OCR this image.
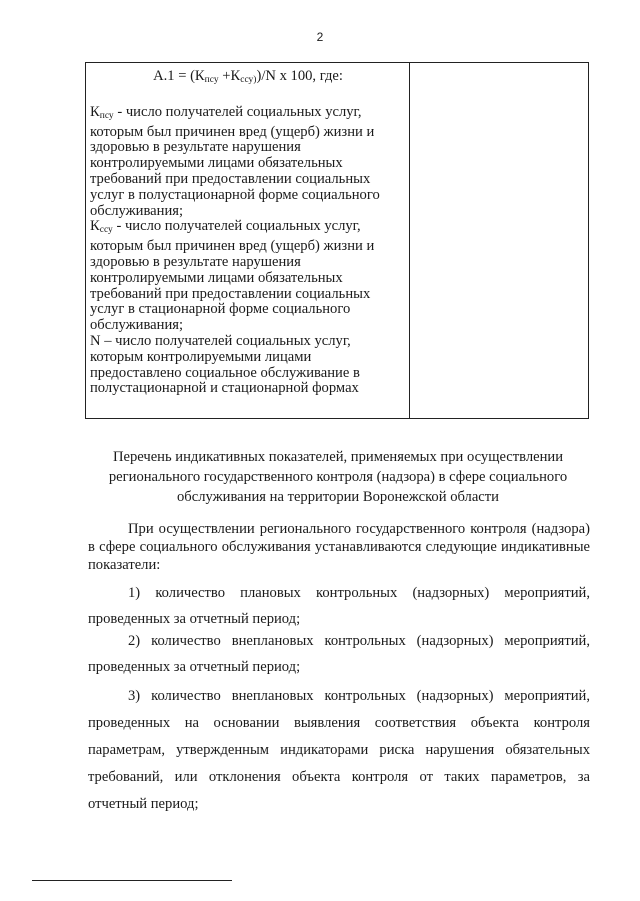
2
$А.1 = (К_{псу} +К_{ссу)})/N$ x 100, где:
$К_{псу}$ - число получателей социальных услуг,
которым был причинен вред (ущерб) жизни и
здоровью в результате нарушения
контролируемыми лицами обязательных
требований при предоставлении социальных
услуг в полустационарной форме социального
обслуживания;
$К_{ссу}$ - число получателей социальных услуг,
которым был причинен вред (ущерб) жизни и
здоровью в результате нарушения
контролируемыми лицами обязательных
требований при предоставлении социальных
услуг в стационарной форме социального
обслуживания;
N – число получателей социальных услуг,
которым контролируемыми лицами
предоставлено социальное обслуживание в
полустационарной и стационарной формах
Перечень индикативных показателей, применяемых при осуществлении регионального государственного контроля (надзора) в сфере социального обслуживания на территории Воронежской области
При осуществлении регионального государственного контроля (надзора) в сфере социального обслуживания устанавливаются следующие индикативные показатели:
1) количество плановых контрольных (надзорных) мероприятий, проведенных за отчетный период;
2) количество внеплановых контрольных (надзорных) мероприятий, проведенных за отчетный период;
3) количество внеплановых контрольных (надзорных) мероприятий, проведенных на основании выявления соответствия объекта контроля параметрам, утвержденным индикаторами риска нарушения обязательных требований, или отклонения объекта контроля от таких параметров, за отчетный период;
